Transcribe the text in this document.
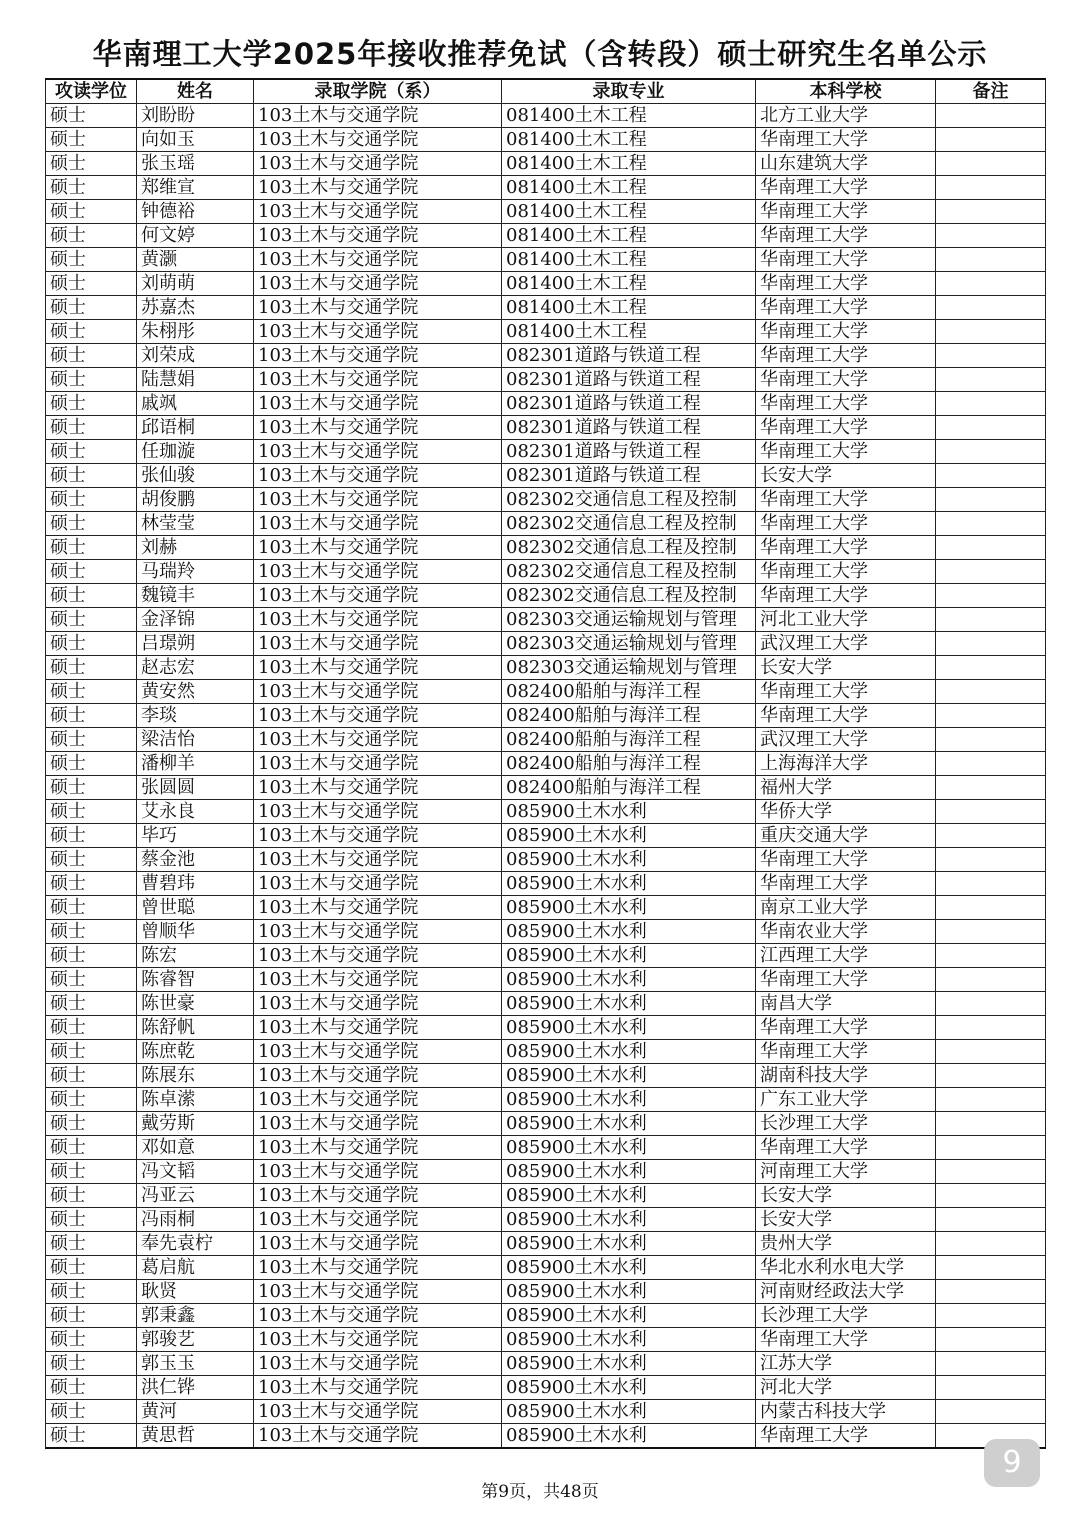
华南理工大学2025年接收推荐免试（含转段）硕士研究生名单公示
攻读学位	姓名	录取学院（系）	录取专业	本科学校	备注
硕士	刘盼盼	103土木与交通学院	081400土木工程	北方工业大学	
硕士	向如玉	103土木与交通学院	081400土木工程	华南理工大学	
硕士	张玉瑶	103土木与交通学院	081400土木工程	山东建筑大学	
硕士	郑维宣	103土木与交通学院	081400土木工程	华南理工大学	
硕士	钟德裕	103土木与交通学院	081400土木工程	华南理工大学	
硕士	何文婷	103土木与交通学院	081400土木工程	华南理工大学	
硕士	黄灏	103土木与交通学院	081400土木工程	华南理工大学	
硕士	刘萌萌	103土木与交通学院	081400土木工程	华南理工大学	
硕士	苏嘉杰	103土木与交通学院	081400土木工程	华南理工大学	
硕士	朱栩彤	103土木与交通学院	081400土木工程	华南理工大学	
硕士	刘荣成	103土木与交通学院	082301道路与铁道工程	华南理工大学	
硕士	陆慧娟	103土木与交通学院	082301道路与铁道工程	华南理工大学	
硕士	戚飒	103土木与交通学院	082301道路与铁道工程	华南理工大学	
硕士	邱语桐	103土木与交通学院	082301道路与铁道工程	华南理工大学	
硕士	任珈漩	103土木与交通学院	082301道路与铁道工程	华南理工大学	
硕士	张仙骏	103土木与交通学院	082301道路与铁道工程	长安大学	
硕士	胡俊鹏	103土木与交通学院	082302交通信息工程及控制	华南理工大学	
硕士	林莹莹	103土木与交通学院	082302交通信息工程及控制	华南理工大学	
硕士	刘赫	103土木与交通学院	082302交通信息工程及控制	华南理工大学	
硕士	马瑞羚	103土木与交通学院	082302交通信息工程及控制	华南理工大学	
硕士	魏镜丰	103土木与交通学院	082302交通信息工程及控制	华南理工大学	
硕士	金泽锦	103土木与交通学院	082303交通运输规划与管理	河北工业大学	
硕士	吕璟朔	103土木与交通学院	082303交通运输规划与管理	武汉理工大学	
硕士	赵志宏	103土木与交通学院	082303交通运输规划与管理	长安大学	
硕士	黄安然	103土木与交通学院	082400船舶与海洋工程	华南理工大学	
硕士	李琰	103土木与交通学院	082400船舶与海洋工程	华南理工大学	
硕士	梁洁怡	103土木与交通学院	082400船舶与海洋工程	武汉理工大学	
硕士	潘柳羊	103土木与交通学院	082400船舶与海洋工程	上海海洋大学	
硕士	张圆圆	103土木与交通学院	082400船舶与海洋工程	福州大学	
硕士	艾永良	103土木与交通学院	085900土木水利	华侨大学	
硕士	毕巧	103土木与交通学院	085900土木水利	重庆交通大学	
硕士	蔡金池	103土木与交通学院	085900土木水利	华南理工大学	
硕士	曹碧玮	103土木与交通学院	085900土木水利	华南理工大学	
硕士	曾世聪	103土木与交通学院	085900土木水利	南京工业大学	
硕士	曾顺华	103土木与交通学院	085900土木水利	华南农业大学	
硕士	陈宏	103土木与交通学院	085900土木水利	江西理工大学	
硕士	陈睿智	103土木与交通学院	085900土木水利	华南理工大学	
硕士	陈世豪	103土木与交通学院	085900土木水利	南昌大学	
硕士	陈舒帆	103土木与交通学院	085900土木水利	华南理工大学	
硕士	陈庶乾	103土木与交通学院	085900土木水利	华南理工大学	
硕士	陈展东	103土木与交通学院	085900土木水利	湖南科技大学	
硕士	陈卓潆	103土木与交通学院	085900土木水利	广东工业大学	
硕士	戴劳斯	103土木与交通学院	085900土木水利	长沙理工大学	
硕士	邓如意	103土木与交通学院	085900土木水利	华南理工大学	
硕士	冯文韬	103土木与交通学院	085900土木水利	河南理工大学	
硕士	冯亚云	103土木与交通学院	085900土木水利	长安大学	
硕士	冯雨桐	103土木与交通学院	085900土木水利	长安大学	
硕士	奉先袁柠	103土木与交通学院	085900土木水利	贵州大学	
硕士	葛启航	103土木与交通学院	085900土木水利	华北水利水电大学	
硕士	耿贤	103土木与交通学院	085900土木水利	河南财经政法大学	
硕士	郭秉鑫	103土木与交通学院	085900土木水利	长沙理工大学	
硕士	郭骏艺	103土木与交通学院	085900土木水利	华南理工大学	
硕士	郭玉玉	103土木与交通学院	085900土木水利	江苏大学	
硕士	洪仁铧	103土木与交通学院	085900土木水利	河北大学	
硕士	黄河	103土木与交通学院	085900土木水利	内蒙古科技大学	
硕士	黄思哲	103土木与交通学院	085900土木水利	华南理工大学	
第9页，共48页
9
